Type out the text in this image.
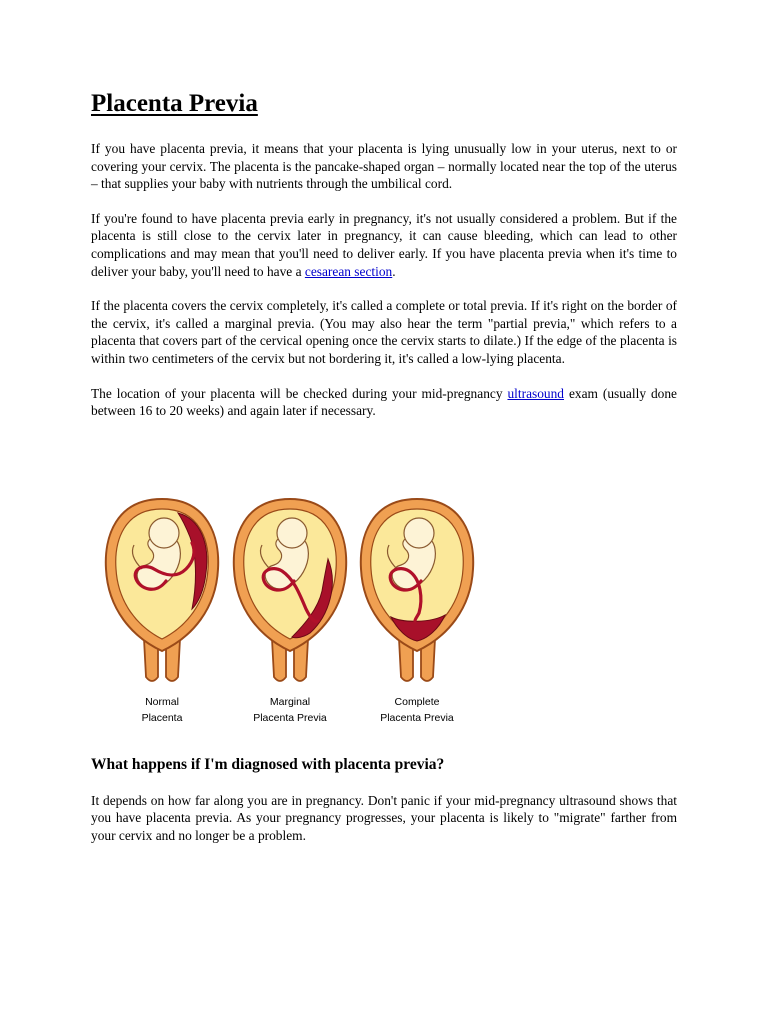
Placenta Previa

If you have placenta previa, it means that your placenta is lying unusually low in your uterus, next to or covering your cervix. The placenta is the pancake-shaped organ – normally located near the top of the uterus – that supplies your baby with nutrients through the umbilical cord.

If you're found to have placenta previa early in pregnancy, it's not usually considered a problem. But if the placenta is still close to the cervix later in pregnancy, it can cause bleeding, which can lead to other complications and may mean that you'll need to deliver early. If you have placenta previa when it's time to deliver your baby, you'll need to have a cesarean section.

If the placenta covers the cervix completely, it's called a complete or total previa. If it's right on the border of the cervix, it's called a marginal previa. (You may also hear the term "partial previa," which refers to a placenta that covers part of the cervical opening once the cervix starts to dilate.) If the edge of the placenta is within two centimeters of the cervix but not bordering it, it's called a low-lying placenta.

The location of your placenta will be checked during your mid-pregnancy ultrasound exam (usually done between 16 to 20 weeks) and again later if necessary.

Normal
Placenta
Marginal
Placenta Previa
Complete
Placenta Previa
What happens if I'm diagnosed with placenta previa?

It depends on how far along you are in pregnancy. Don't panic if your mid-pregnancy ultrasound shows that you have placenta previa. As your pregnancy progresses, your placenta is likely to "migrate" farther from your cervix and no longer be a problem.
